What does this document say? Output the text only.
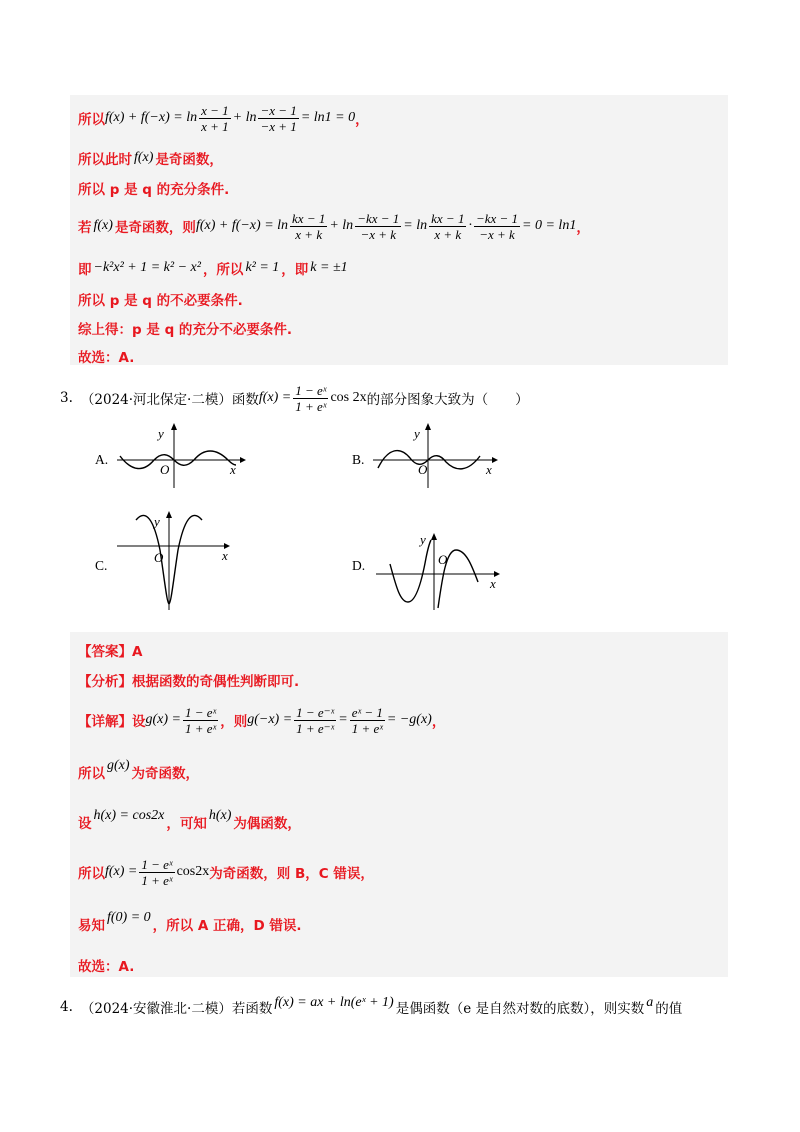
所以 $f(x) + f(-x) = \ln \frac{x - 1}{x + 1} + \ln \frac{-x - 1}{-x + 1} = \ln 1 = 0$ ，
所以此时 f(x) 是奇函数，
所以 p 是 q 的充分条件.
若 f(x) 是奇函数，则 $f(x) + f(-x) = \ln \frac{kx - 1}{x + k} + \ln \frac{-kx - 1}{-x + k} = \ln \frac{kx - 1}{x + k} \cdot \frac{-kx - 1}{-x + k} = 0 = \ln 1$ ，
即 −k²x² + 1 = k² − x² ，所以 k² = 1 ，即 k = ±1
所以 p 是 q 的不必要条件.
综上得：p 是 q 的充分不必要条件.
故选：A.
3. （2024·河北保定·二模）函数 $f(x) = \frac{\text{1 − eˣ}}{\text{1 + eˣ}}$ cos 2x 的部分图象大致为（　　）
A.	B.
C.	D.
y
x
O
y
x
O
y
x
O
y
x
O
【答案】A
【分析】根据函数的奇偶性判断即可.
【详解】设 $g(x) = \frac{\text{1 − eˣ}}{\text{1 + eˣ}}$ ，则 $g(-x) = \frac{\text{1 − e⁻ˣ}}{\text{1 + e⁻ˣ}} = \frac{\text{eˣ − 1}}{\text{1 + eˣ}} = -g(x)$ ，
所以
g(x)
为奇函数，
设
h(x) = cos2x
，可知
h(x)
为偶函数，
所以 $f(x) = \frac{\text{1 − eˣ}}{\text{1 + eˣ}} \cos 2x$ 为奇函数，则 B，C 错误，
易知
f(0) = 0
，所以 A 正确，D 错误.
故选：A.
4. （2024·安徽淮北·二模）若函数 f(x) = ax + ln(eˣ + 1) 是偶函数（e 是自然对数的底数），则实数 a 的值
